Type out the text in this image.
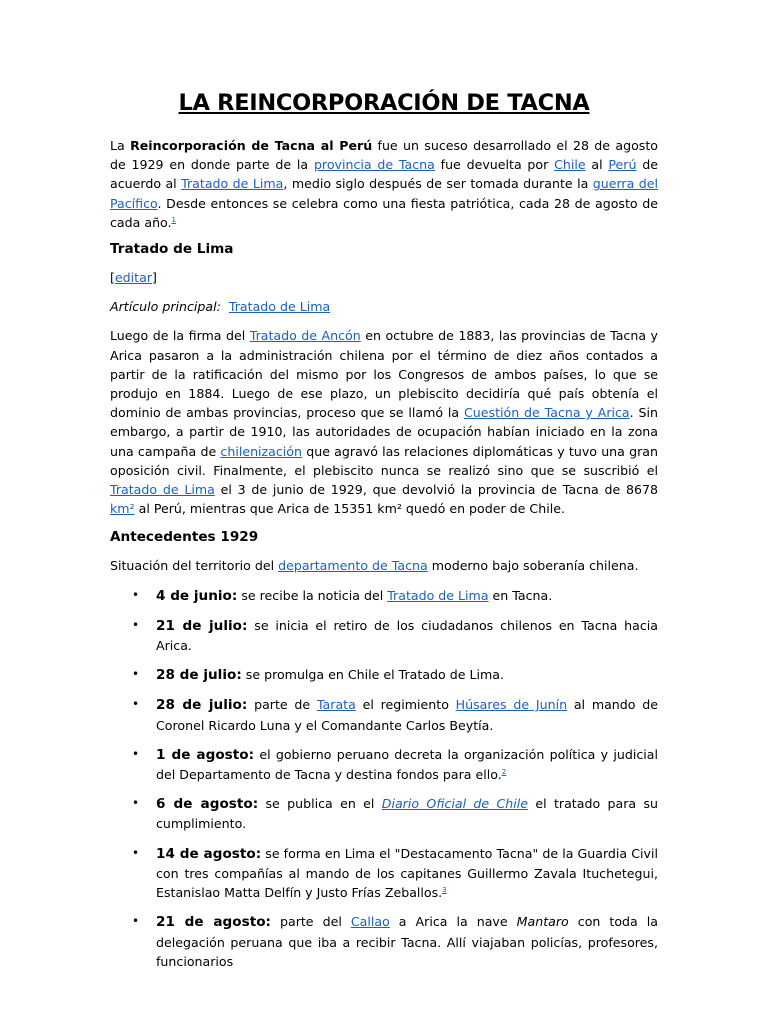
LA REINCORPORACIÓN DE TACNA

La Reincorporación de Tacna al Perú fue un suceso desarrollado el 28 de agosto de 1929 en donde parte de la provincia de Tacna fue devuelta por Chile al Perú de acuerdo al Tratado de Lima, medio siglo después de ser tomada durante la guerra del Pacífico. Desde entonces se celebra como una fiesta patriótica, cada 28 de agosto de cada año.$^1$

Tratado de Lima

[editar]

Artículo principal: Tratado de Lima

Luego de la firma del Tratado de Ancón en octubre de 1883, las provincias de Tacna y Arica pasaron a la administración chilena por el término de diez años contados a partir de la ratificación del mismo por los Congresos de ambos países, lo que se produjo en 1884. Luego de ese plazo, un plebiscito decidiría qué país obtenía el dominio de ambas provincias, proceso que se llamó la Cuestión de Tacna y Arica. Sin embargo, a partir de 1910, las autoridades de ocupación habían iniciado en la zona una campaña de chilenización que agravó las relaciones diplomáticas y tuvo una gran oposición civil. Finalmente, el plebiscito nunca se realizó sino que se suscribió el Tratado de Lima el 3 de junio de 1929, que devolvió la provincia de Tacna de 8678 km² al Perú, mientras que Arica de 15351 km² quedó en poder de Chile.

Antecedentes 1929

Situación del territorio del departamento de Tacna moderno bajo soberanía chilena.

• 4 de junio: se recibe la noticia del Tratado de Lima en Tacna.
• 21 de julio: se inicia el retiro de los ciudadanos chilenos en Tacna hacia Arica.
• 28 de julio: se promulga en Chile el Tratado de Lima.
• 28 de julio: parte de Tarata el regimiento Húsares de Junín al mando de Coronel Ricardo Luna y el Comandante Carlos Beytía.
• 1 de agosto: el gobierno peruano decreta la organización política y judicial del Departamento de Tacna y destina fondos para ello.$^2$
• 6 de agosto: se publica en el Diario Oficial de Chile el tratado para su cumplimiento.
• 14 de agosto: se forma en Lima el "Destacamento Tacna" de la Guardia Civil con tres compañías al mando de los capitanes Guillermo Zavala Ituchetegui, Estanislao Matta Delfín y Justo Frías Zeballos.$^3$
• 21 de agosto: parte del Callao a Arica la nave Mantaro con toda la delegación peruana que iba a recibir Tacna. Allí viajaban policías, profesores, funcionarios
